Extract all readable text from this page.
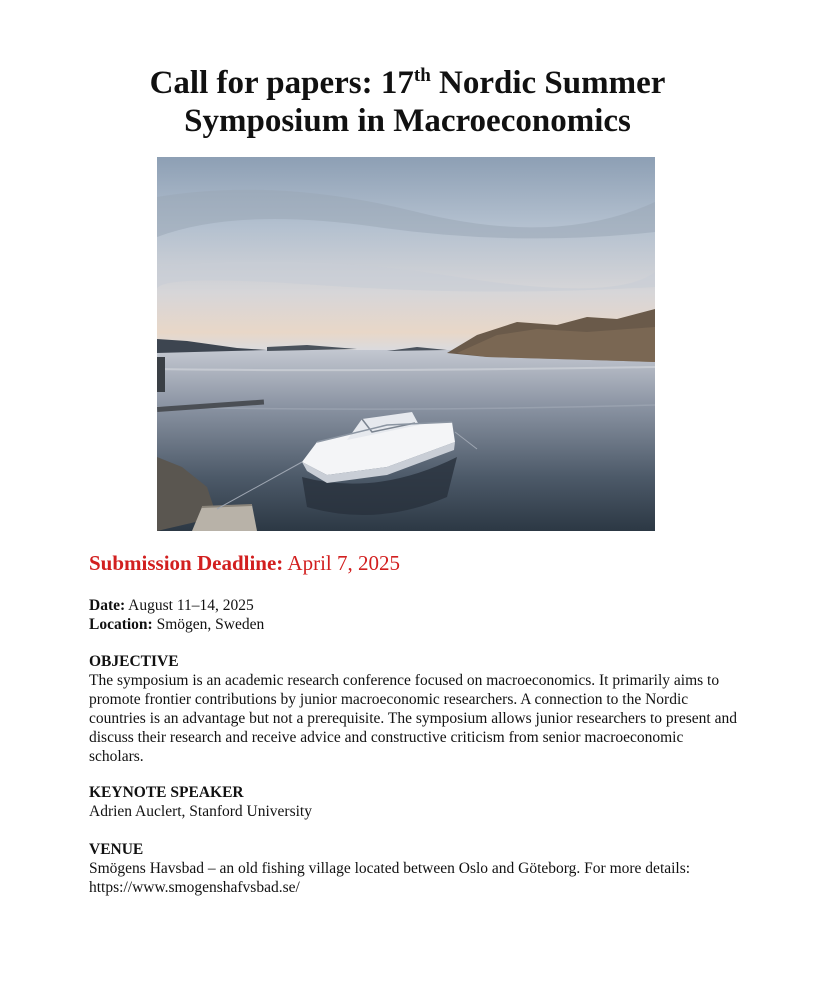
Call for papers: 17th Nordic Summer
Symposium in Macroeconomics
Submission Deadline: April 7, 2025
Date: August 11–14, 2025
Location: Smögen, Sweden

OBJECTIVE

The symposium is an academic research conference focused on macroeconomics. It primarily aims to promote frontier contributions by junior macroeconomic researchers. A connection to the Nordic countries is an advantage but not a prerequisite. The symposium allows junior researchers to present and discuss their research and receive advice and constructive criticism from senior macroeconomic scholars.

KEYNOTE SPEAKER

Adrien Auclert, Stanford University

VENUE

Smögens Havsbad – an old fishing village located between Oslo and Göteborg. For more details: https://www.smogenshafvsbad.se/
